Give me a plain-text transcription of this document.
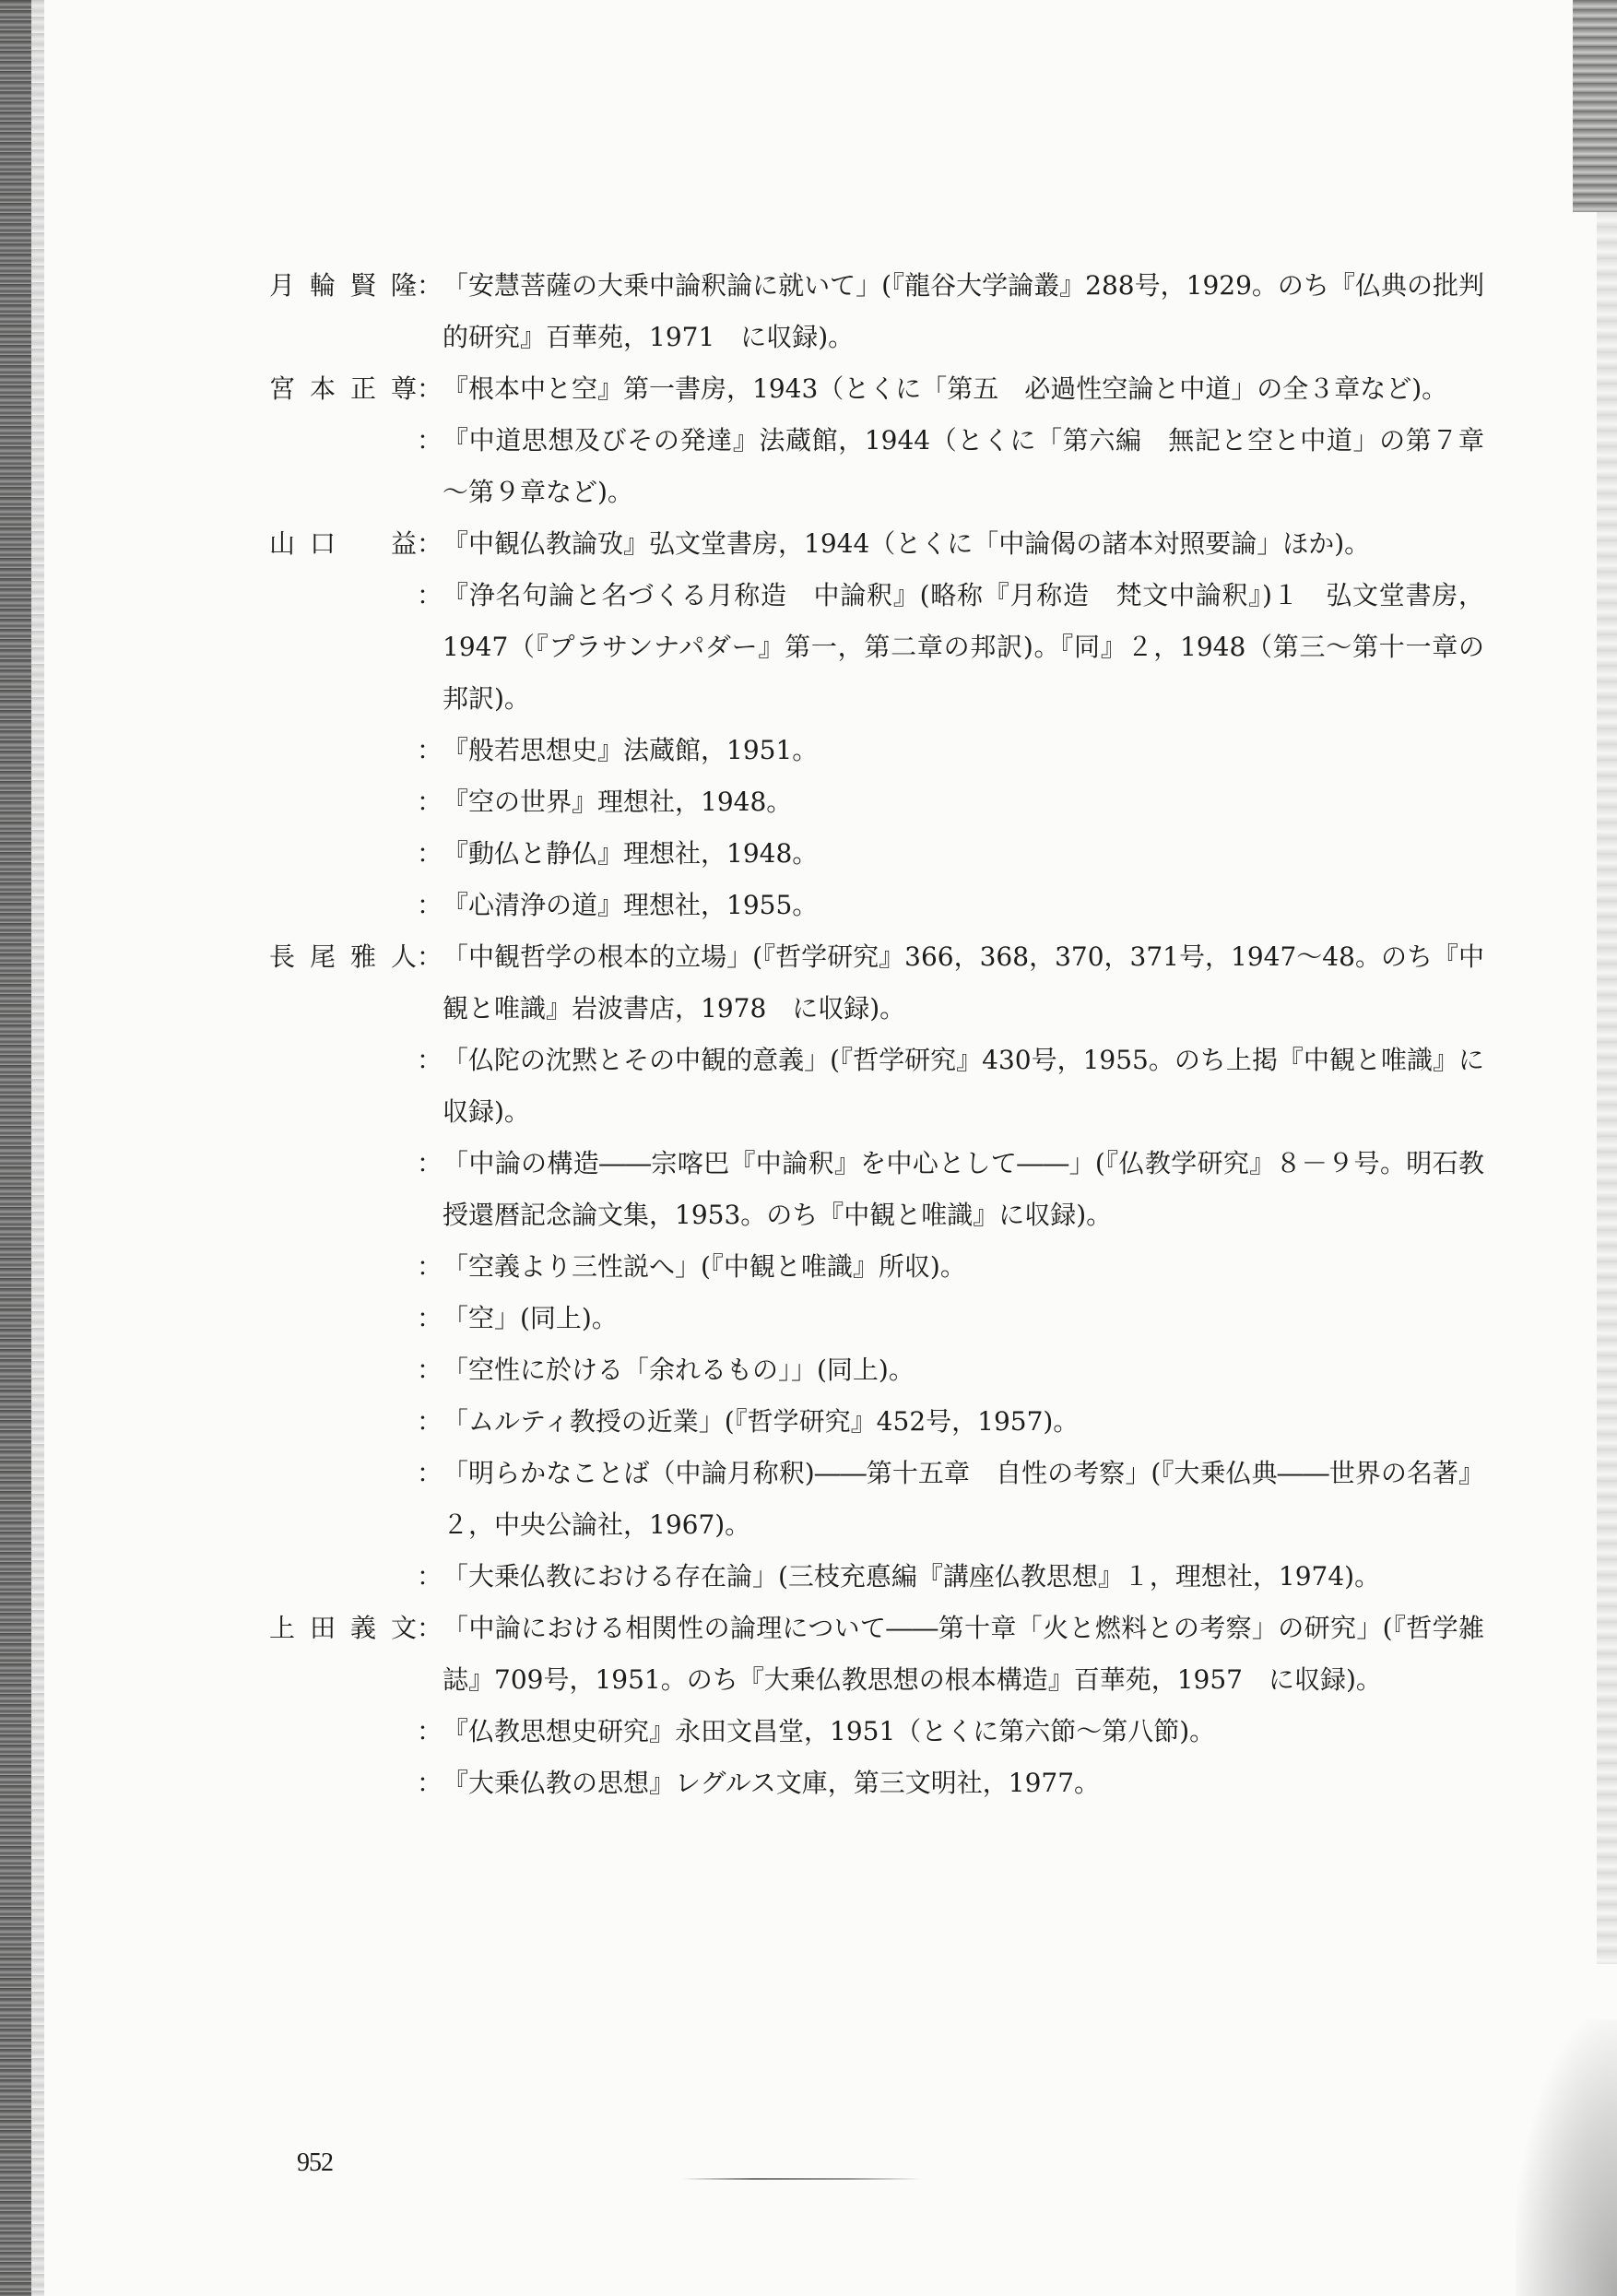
月輪賢隆 ： 「安慧菩薩の大乗中論釈論に就いて」(『龍谷大学論叢』288号，1929。のち『仏典の批判的研究』百華苑，1971　に収録)。
宮本正尊 ： 『根本中と空』第一書房，1943（とくに「第五　必過性空論と中道」の全３章など)。
： 『中道思想及びその発達』法蔵館，1944（とくに「第六編　無記と空と中道」の第７章～第９章など)。
山口　益 ： 『中観仏教論攷』弘文堂書房，1944（とくに「中論偈の諸本対照要論」ほか)。
： 『浄名句論と名づくる月称造　中論釈』(略称『月称造　梵文中論釈』)１　弘文堂書房，1947（『プラサンナパダー』第一，第二章の邦訳)。『同』２，1948（第三～第十一章の邦訳)。
： 『般若思想史』法蔵館，1951。
： 『空の世界』理想社，1948。
： 『動仏と静仏』理想社，1948。
： 『心清浄の道』理想社，1955。
長尾雅人 ： 「中観哲学の根本的立場」(『哲学研究』366，368，370，371号，1947～48。のち『中観と唯識』岩波書店，1978　に収録)。
： 「仏陀の沈黙とその中観的意義」(『哲学研究』430号，1955。のち上掲『中観と唯識』に収録)。
： 「中論の構造――宗喀巴『中論釈』を中心として――」(『仏教学研究』８－９号。明石教授還暦記念論文集，1953。のち『中観と唯識』に収録)。
： 「空義より三性説へ」(『中観と唯識』所収)。
： 「空」(同上)。
： 「空性に於ける「余れるもの」」(同上)。
： 「ムルティ教授の近業」(『哲学研究』452号，1957)。
： 「明らかなことば（中論月称釈)――第十五章　自性の考察」(『大乗仏典――世界の名著』２，中央公論社，1967)。
： 「大乗仏教における存在論」(三枝充悳編『講座仏教思想』１，理想社，1974)。
上田義文 ： 「中論における相関性の論理について――第十章「火と燃料との考察」の研究」(『哲学雑誌』709号，1951。のち『大乗仏教思想の根本構造』百華苑，1957　に収録)。
： 『仏教思想史研究』永田文昌堂，1951（とくに第六節～第八節)。
： 『大乗仏教の思想』レグルス文庫，第三文明社，1977。
952
